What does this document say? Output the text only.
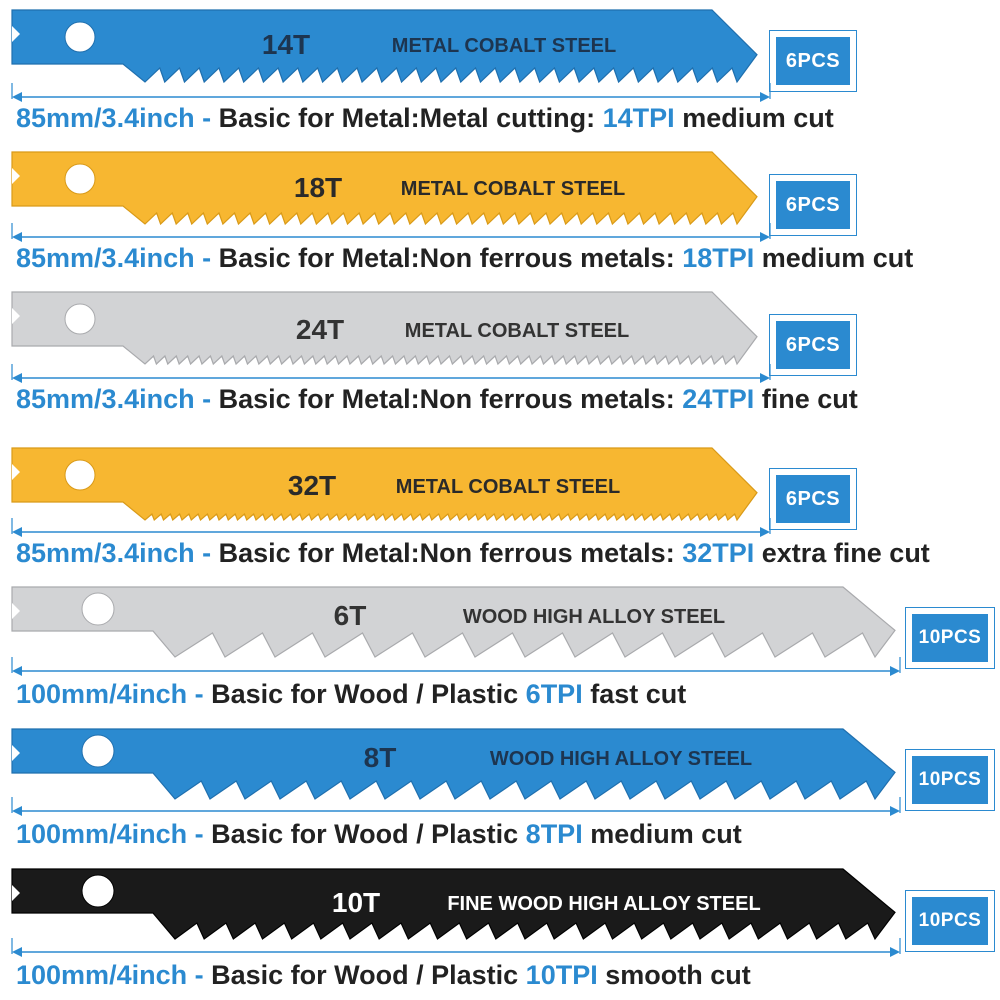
14T	METAL COBALT STEEL
18T	METAL COBALT STEEL
24T	METAL COBALT STEEL
32T	METAL COBALT STEEL
6T	WOOD HIGH ALLOY STEEL
8T	WOOD HIGH ALLOY STEEL
10T	FINE WOOD HIGH ALLOY STEEL
6PCS
85mm/3.4inch - Basic for Metal:Metal cutting: 14TPI medium cut
6PCS
85mm/3.4inch - Basic for Metal:Non ferrous metals: 18TPI medium cut
6PCS
85mm/3.4inch - Basic for Metal:Non ferrous metals: 24TPI fine cut
6PCS
85mm/3.4inch - Basic for Metal:Non ferrous metals: 32TPI extra fine cut
10PCS
100mm/4inch - Basic for Wood / Plastic 6TPI fast cut
10PCS
100mm/4inch - Basic for Wood / Plastic 8TPI medium cut
10PCS
100mm/4inch - Basic for Wood / Plastic 10TPI smooth cut
